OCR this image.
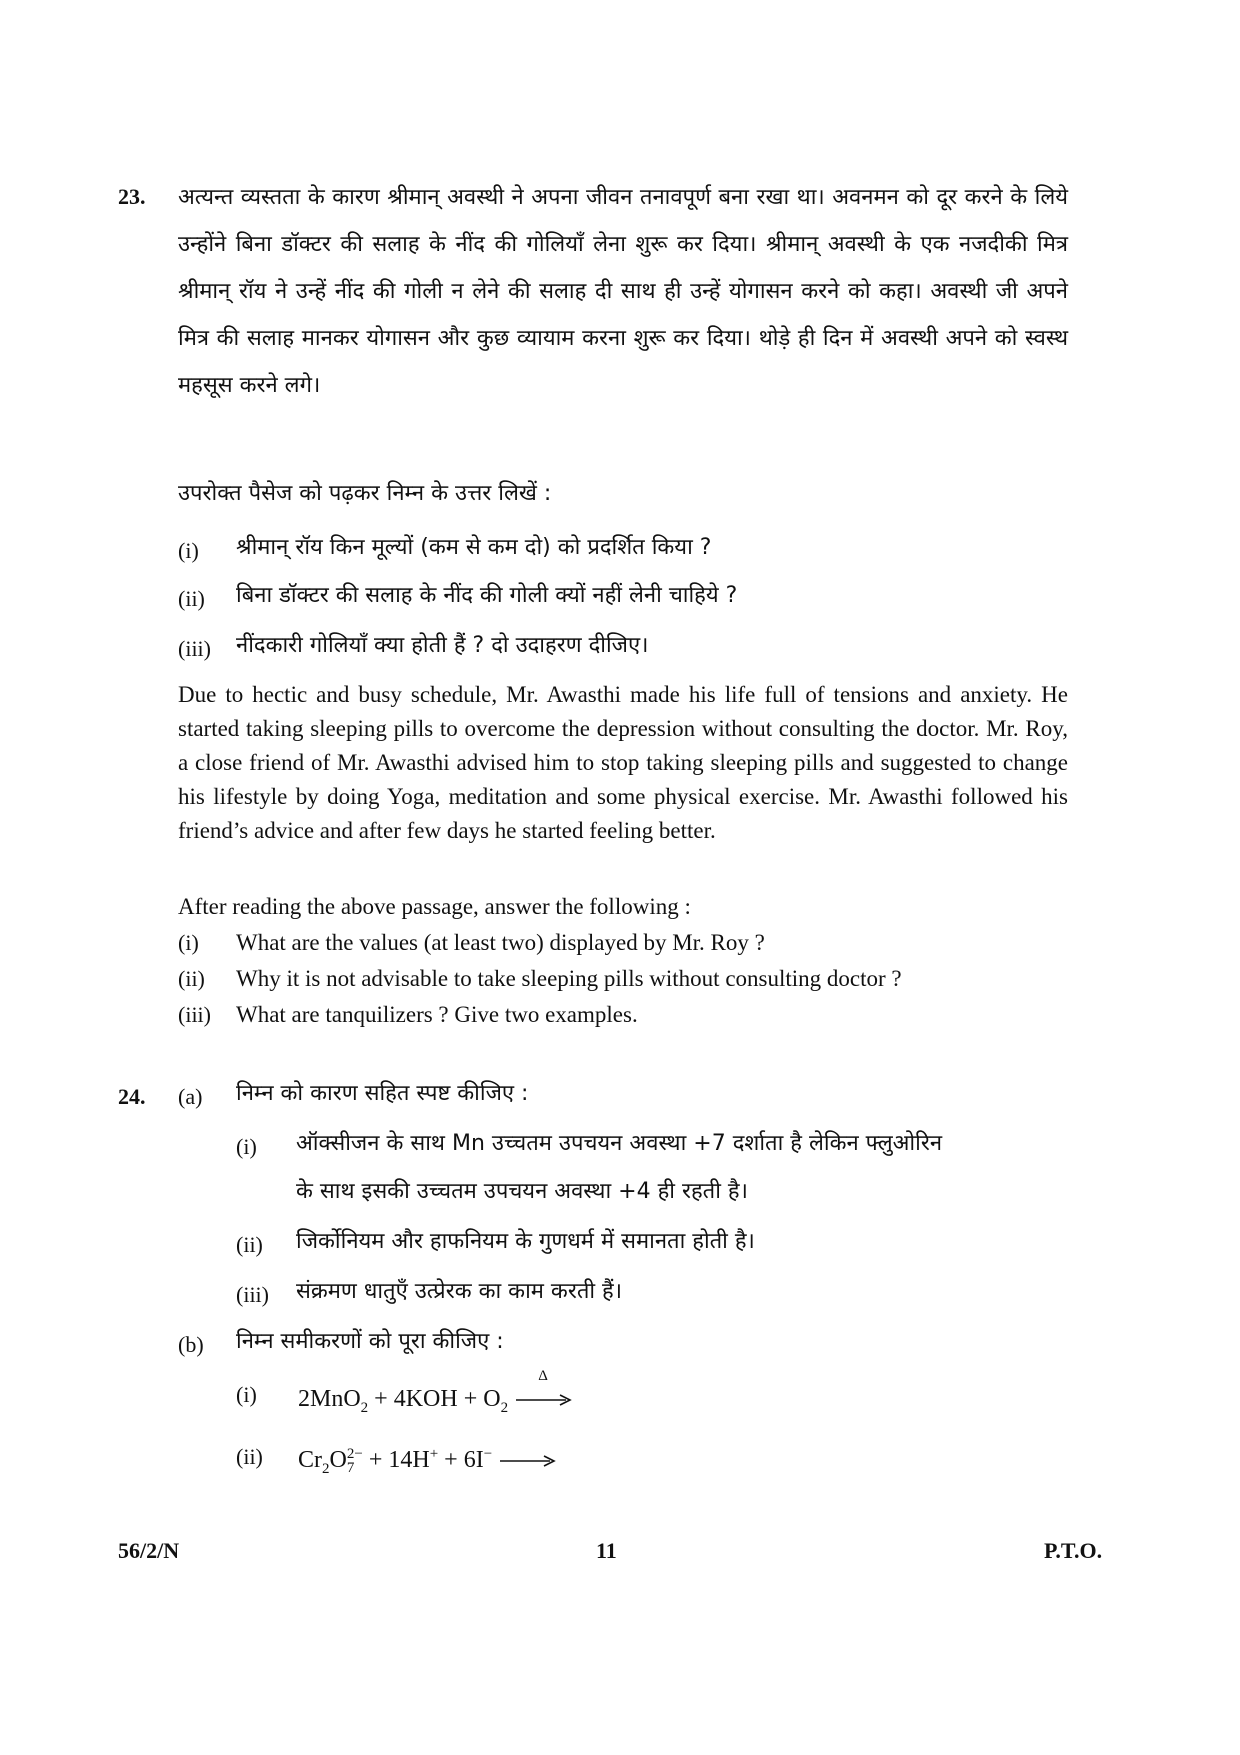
23. अत्यन्त व्यस्तता के कारण श्रीमान् अवस्थी ने अपना जीवन तनावपूर्ण बना रखा था। अवनमन को दूर करने के लिये उन्होंने बिना डॉक्टर की सलाह के नींद की गोलियाँ लेना शुरू कर दिया। श्रीमान् अवस्थी के एक नजदीकी मित्र श्रीमान् रॉय ने उन्हें नींद की गोली न लेने की सलाह दी साथ ही उन्हें योगासन करने को कहा। अवस्थी जी अपने मित्र की सलाह मानकर योगासन और कुछ व्यायाम करना शुरू कर दिया। थोड़े ही दिन में अवस्थी अपने को स्वस्थ महसूस करने लगे।
उपरोक्त पैसेज को पढ़कर निम्न के उत्तर लिखें :
(i) श्रीमान् रॉय किन मूल्यों (कम से कम दो) को प्रदर्शित किया ?
(ii) बिना डॉक्टर की सलाह के नींद की गोली क्यों नहीं लेनी चाहिये ?
(iii) नींदकारी गोलियाँ क्या होती हैं ? दो उदाहरण दीजिए।
Due to hectic and busy schedule, Mr. Awasthi made his life full of tensions and anxiety. He started taking sleeping pills to overcome the depression without consulting the doctor. Mr. Roy, a close friend of Mr. Awasthi advised him to stop taking sleeping pills and suggested to change his lifestyle by doing Yoga, meditation and some physical exercise. Mr. Awasthi followed his friend’s advice and after few days he started feeling better.
After reading the above passage, answer the following :
(i) What are the values (at least two) displayed by Mr. Roy ?
(ii) Why it is not advisable to take sleeping pills without consulting doctor ?
(iii) What are tanquilizers ? Give two examples.
24. (a) निम्न को कारण सहित स्पष्ट कीजिए :
(i) ऑक्सीजन के साथ Mn उच्चतम उपचयन अवस्था +7 दर्शाता है लेकिन फ्लुओरिन
के साथ इसकी उच्चतम उपचयन अवस्था +4 ही रहती है।
(ii) जिर्कोनियम और हाफनियम के गुणधर्म में समानता होती है।
(iii) संक्रमण धातुएँ उत्प्रेरक का काम करती हैं।
(b) निम्न समीकरणों को पूरा कीजिए :
(i) $2MnO_2 + 4KOH + O_2$
Δ
(ii) $Cr_2O$ 2−
7 + 14H+ + 6I− →
56/2/N	11	P.T.O.
